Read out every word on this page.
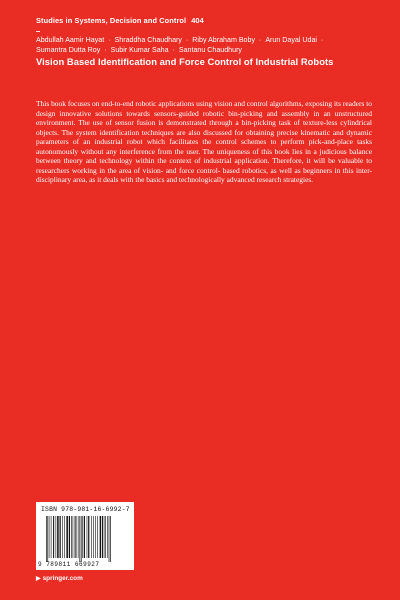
Studies in Systems, Decision and Control 404
Abdullah Aamir Hayat · Shraddha Chaudhary · Riby Abraham Boby · Arun Dayal Udai · Sumantra Dutta Roy · Subir Kumar Saha · Santanu Chaudhury
Vision Based Identification and Force Control of Industrial Robots
This book focuses on end-to-end robotic applications using vision and control algorithms, exposing its readers to design innovative solutions towards sensors-guided robotic bin-picking and assembly in an unstructured environment. The use of sensor fusion is demonstrated through a bin-picking task of texture-less cylindrical objects. The system identification techniques are also discussed for obtaining precise kinematic and dynamic parameters of an industrial robot which facilitates the control schemes to perform pick-and-place tasks autonomously without any interference from the user. The uniqueness of this book lies in a judicious balance between theory and technology within the context of industrial application. Therefore, it will be valuable to researchers working in the area of vision- and force control- based robotics, as well as beginners in this inter-disciplinary area, as it deals with the basics and technologically advanced research strategies.
ISBN 978-981-16-6992-7
9 789811 669927
▶ springer.com
